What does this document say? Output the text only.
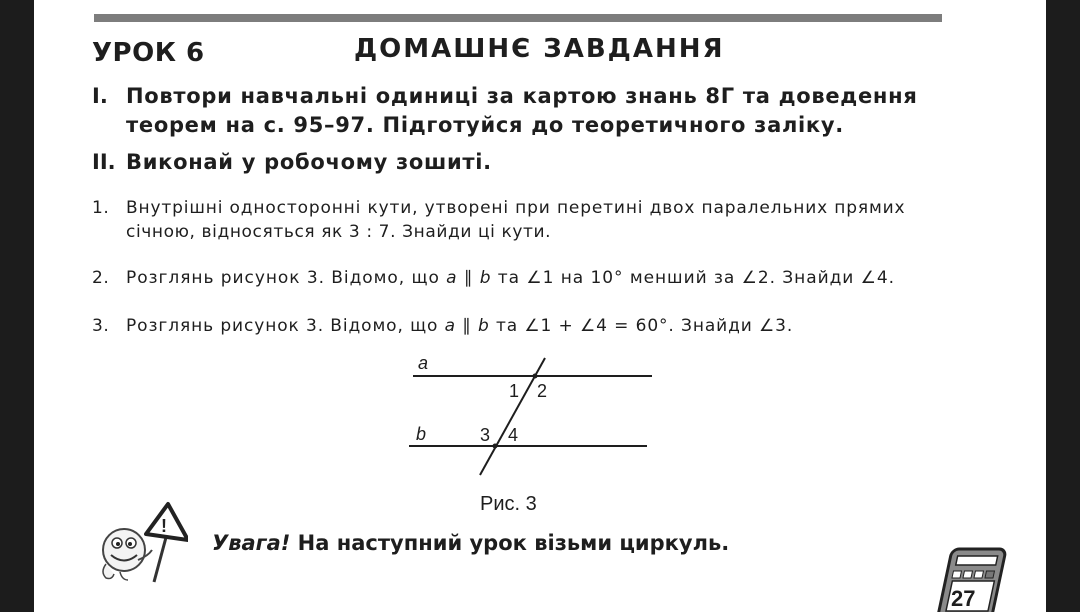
УРОК 6	ДОМАШНЄ ЗАВДАННЯ
I. Повтори навчальні одиниці за картою знань 8Г та доведення
теорем на с. 95–97. Підготуйся до теоретичного заліку.
II. Виконай у робочому зошиті.
1. Внутрішні односторонні кути, утворені при перетині двох паралельних прямих
січною, відносяться як 3 : 7. Знайди ці кути.
2. Розглянь рисунок 3. Відомо, що a ∥ b та ∠1 на 10° менший за ∠2. Знайди ∠4.
3. Розглянь рисунок 3. Відомо, що a ∥ b та ∠1 + ∠4 = 60°. Знайди ∠3.
a
b
1 2
3 4
Рис. 3
!
Увага! На наступний урок візьми циркуль.
27
